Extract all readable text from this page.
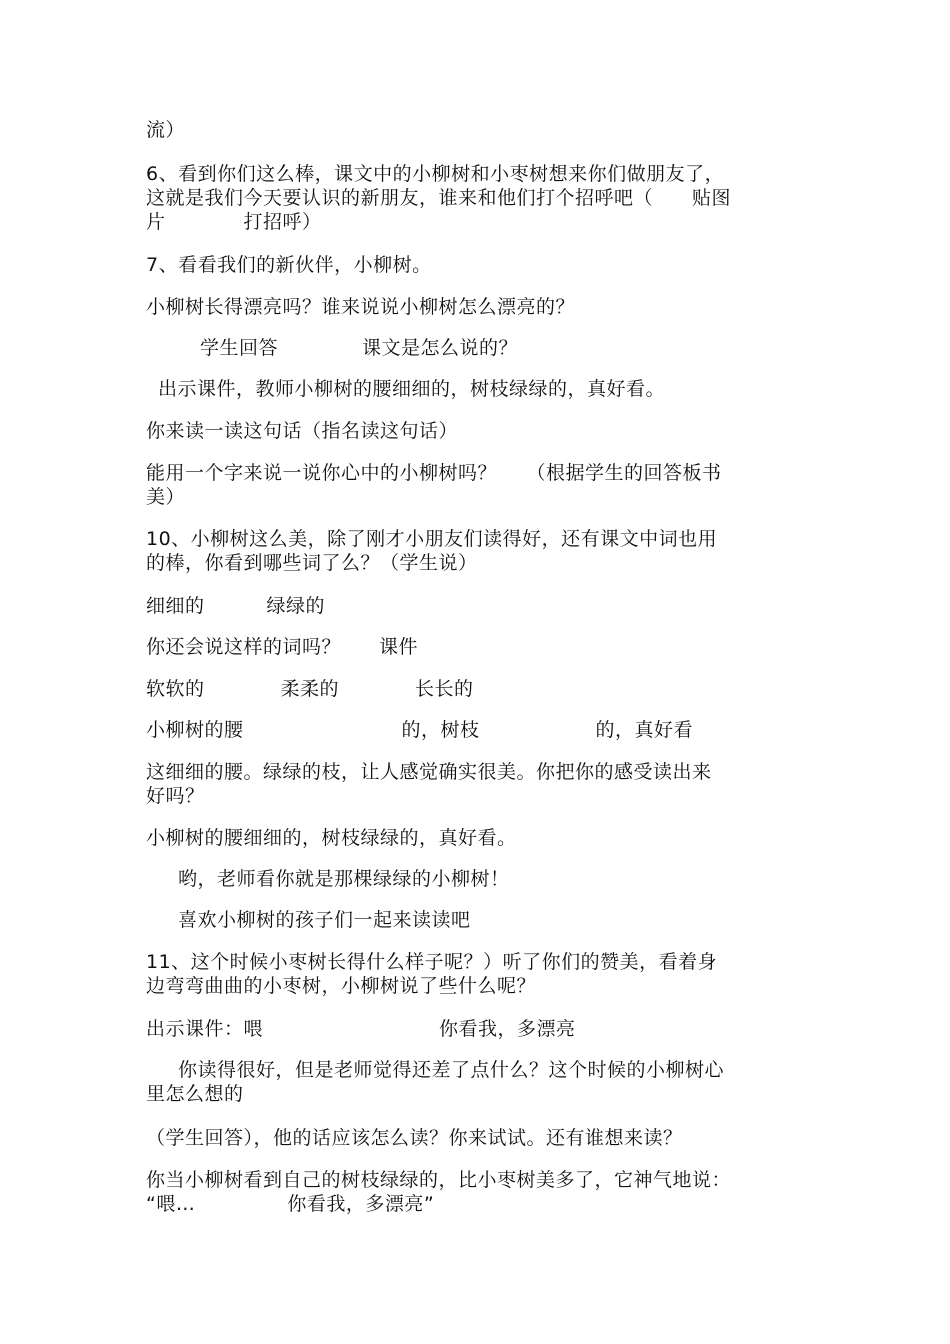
流）

6、看到你们这么棒，课文中的小柳树和小枣树想来你们做朋友了，
这就是我们今天要认识的新朋友，谁来和他们打个招呼吧（　　贴图
片　　　　打招呼）

7、看看我们的新伙伴，小柳树。

小柳树长得漂亮吗？谁来说说小柳树怎么漂亮的？

学生回答	课文是怎么说的？

出示课件，教师小柳树的腰细细的，树枝绿绿的，真好看。

你来读一读这句话（指名读这句话）

能用一个字来说一说你心中的小柳树吗？　　（根据学生的回答板书
美）

10、小柳树这么美，除了刚才小朋友们读得好，还有课文中词也用
的棒，你看到哪些词了么？（学生说）

细细的	绿绿的

你还会说这样的词吗？ 课件

软软的	柔柔的	长长的

小柳树的腰	的，树枝	的，真好看

这细细的腰。绿绿的枝，让人感觉确实很美。你把你的感受读出来
好吗？

小柳树的腰细细的，树枝绿绿的，真好看。

哟，老师看你就是那棵绿绿的小柳树！

喜欢小柳树的孩子们一起来读读吧

11、这个时候小枣树长得什么样子呢？）听了你们的赞美，看着身
边弯弯曲曲的小枣树，小柳树说了些什么呢？

出示课件：喂	你看我，多漂亮

你读得很好，但是老师觉得还差了点什么？这个时候的小柳树心

里怎么想的

（学生回答），他的话应该怎么读？你来试试。还有谁想来读？

你当小柳树看到自己的树枝绿绿的，比小枣树美多了，它神气地说：
“喂…	你看我，多漂亮”
